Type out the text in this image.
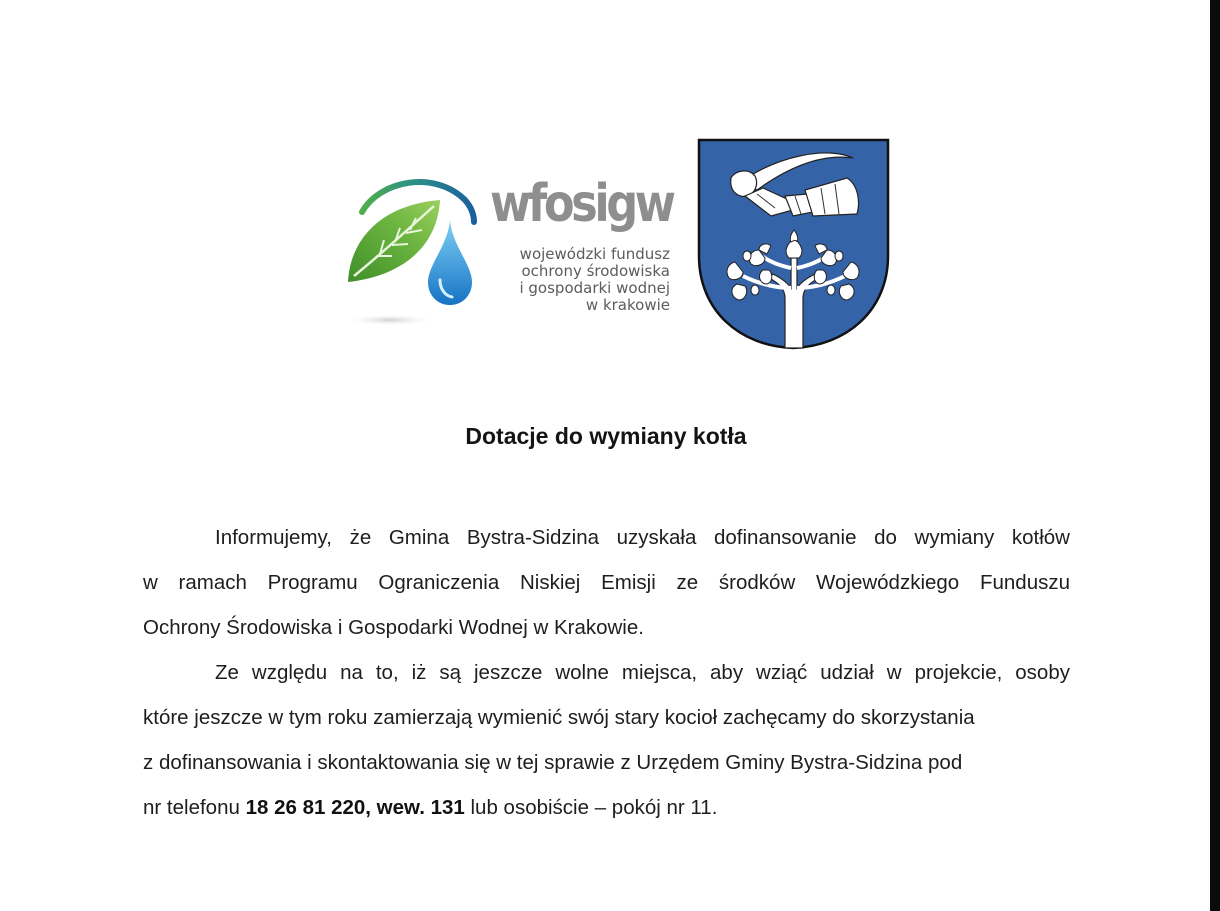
wfosigw
wojewódzki fundusz
ochrony środowiska
i gospodarki wodnej
w krakowie
Dotacje do wymiany kotła
Informujemy, że Gmina Bystra-Sidzina uzyskała dofinansowanie do wymiany kotłów
w ramach Programu Ograniczenia Niskiej Emisji ze środków Wojewódzkiego Funduszu
Ochrony Środowiska i Gospodarki Wodnej w Krakowie.
Ze względu na to, iż są jeszcze wolne miejsca, aby wziąć udział w projekcie, osoby
które jeszcze w tym roku zamierzają wymienić swój stary kocioł zachęcamy do skorzystania
z dofinansowania i skontaktowania się w tej sprawie z Urzędem Gminy Bystra-Sidzina pod
nr telefonu 18 26 81 220, wew. 131 lub osobiście – pokój nr 11.
